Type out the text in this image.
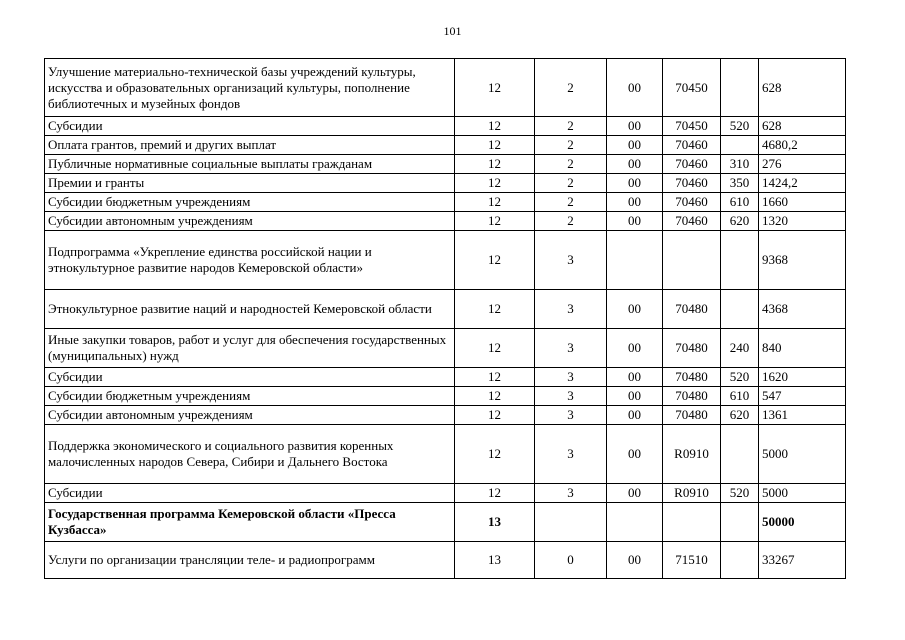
101
Улучшение материально-технической базы учреждений культуры, искусства и образовательных организаций культуры, пополнение библиотечных и музейных фондов	12	2	00	70450		628
Субсидии	12	2	00	70450	520	628
Оплата грантов, премий и других выплат	12	2	00	70460		4680,2
Публичные нормативные социальные выплаты гражданам	12	2	00	70460	310	276
Премии и гранты	12	2	00	70460	350	1424,2
Субсидии бюджетным учреждениям	12	2	00	70460	610	1660
Субсидии автономным учреждениям	12	2	00	70460	620	1320
Подпрограмма «Укрепление единства российской нации и этнокультурное развитие народов Кемеровской области»	12	3				9368
Этнокультурное развитие наций и народностей Кемеровской области	12	3	00	70480		4368
Иные закупки товаров, работ и услуг для обеспечения государственных (муниципальных) нужд	12	3	00	70480	240	840
Субсидии	12	3	00	70480	520	1620
Субсидии бюджетным учреждениям	12	3	00	70480	610	547
Субсидии автономным учреждениям	12	3	00	70480	620	1361
Поддержка экономического и социального развития коренных малочисленных народов Севера, Сибири и Дальнего Востока	12	3	00	R0910		5000
Субсидии	12	3	00	R0910	520	5000
Государственная программа Кемеровской области «Пресса Кузбасса»	13					50000
Услуги по организации трансляции теле- и радиопрограмм	13	0	00	71510		33267
